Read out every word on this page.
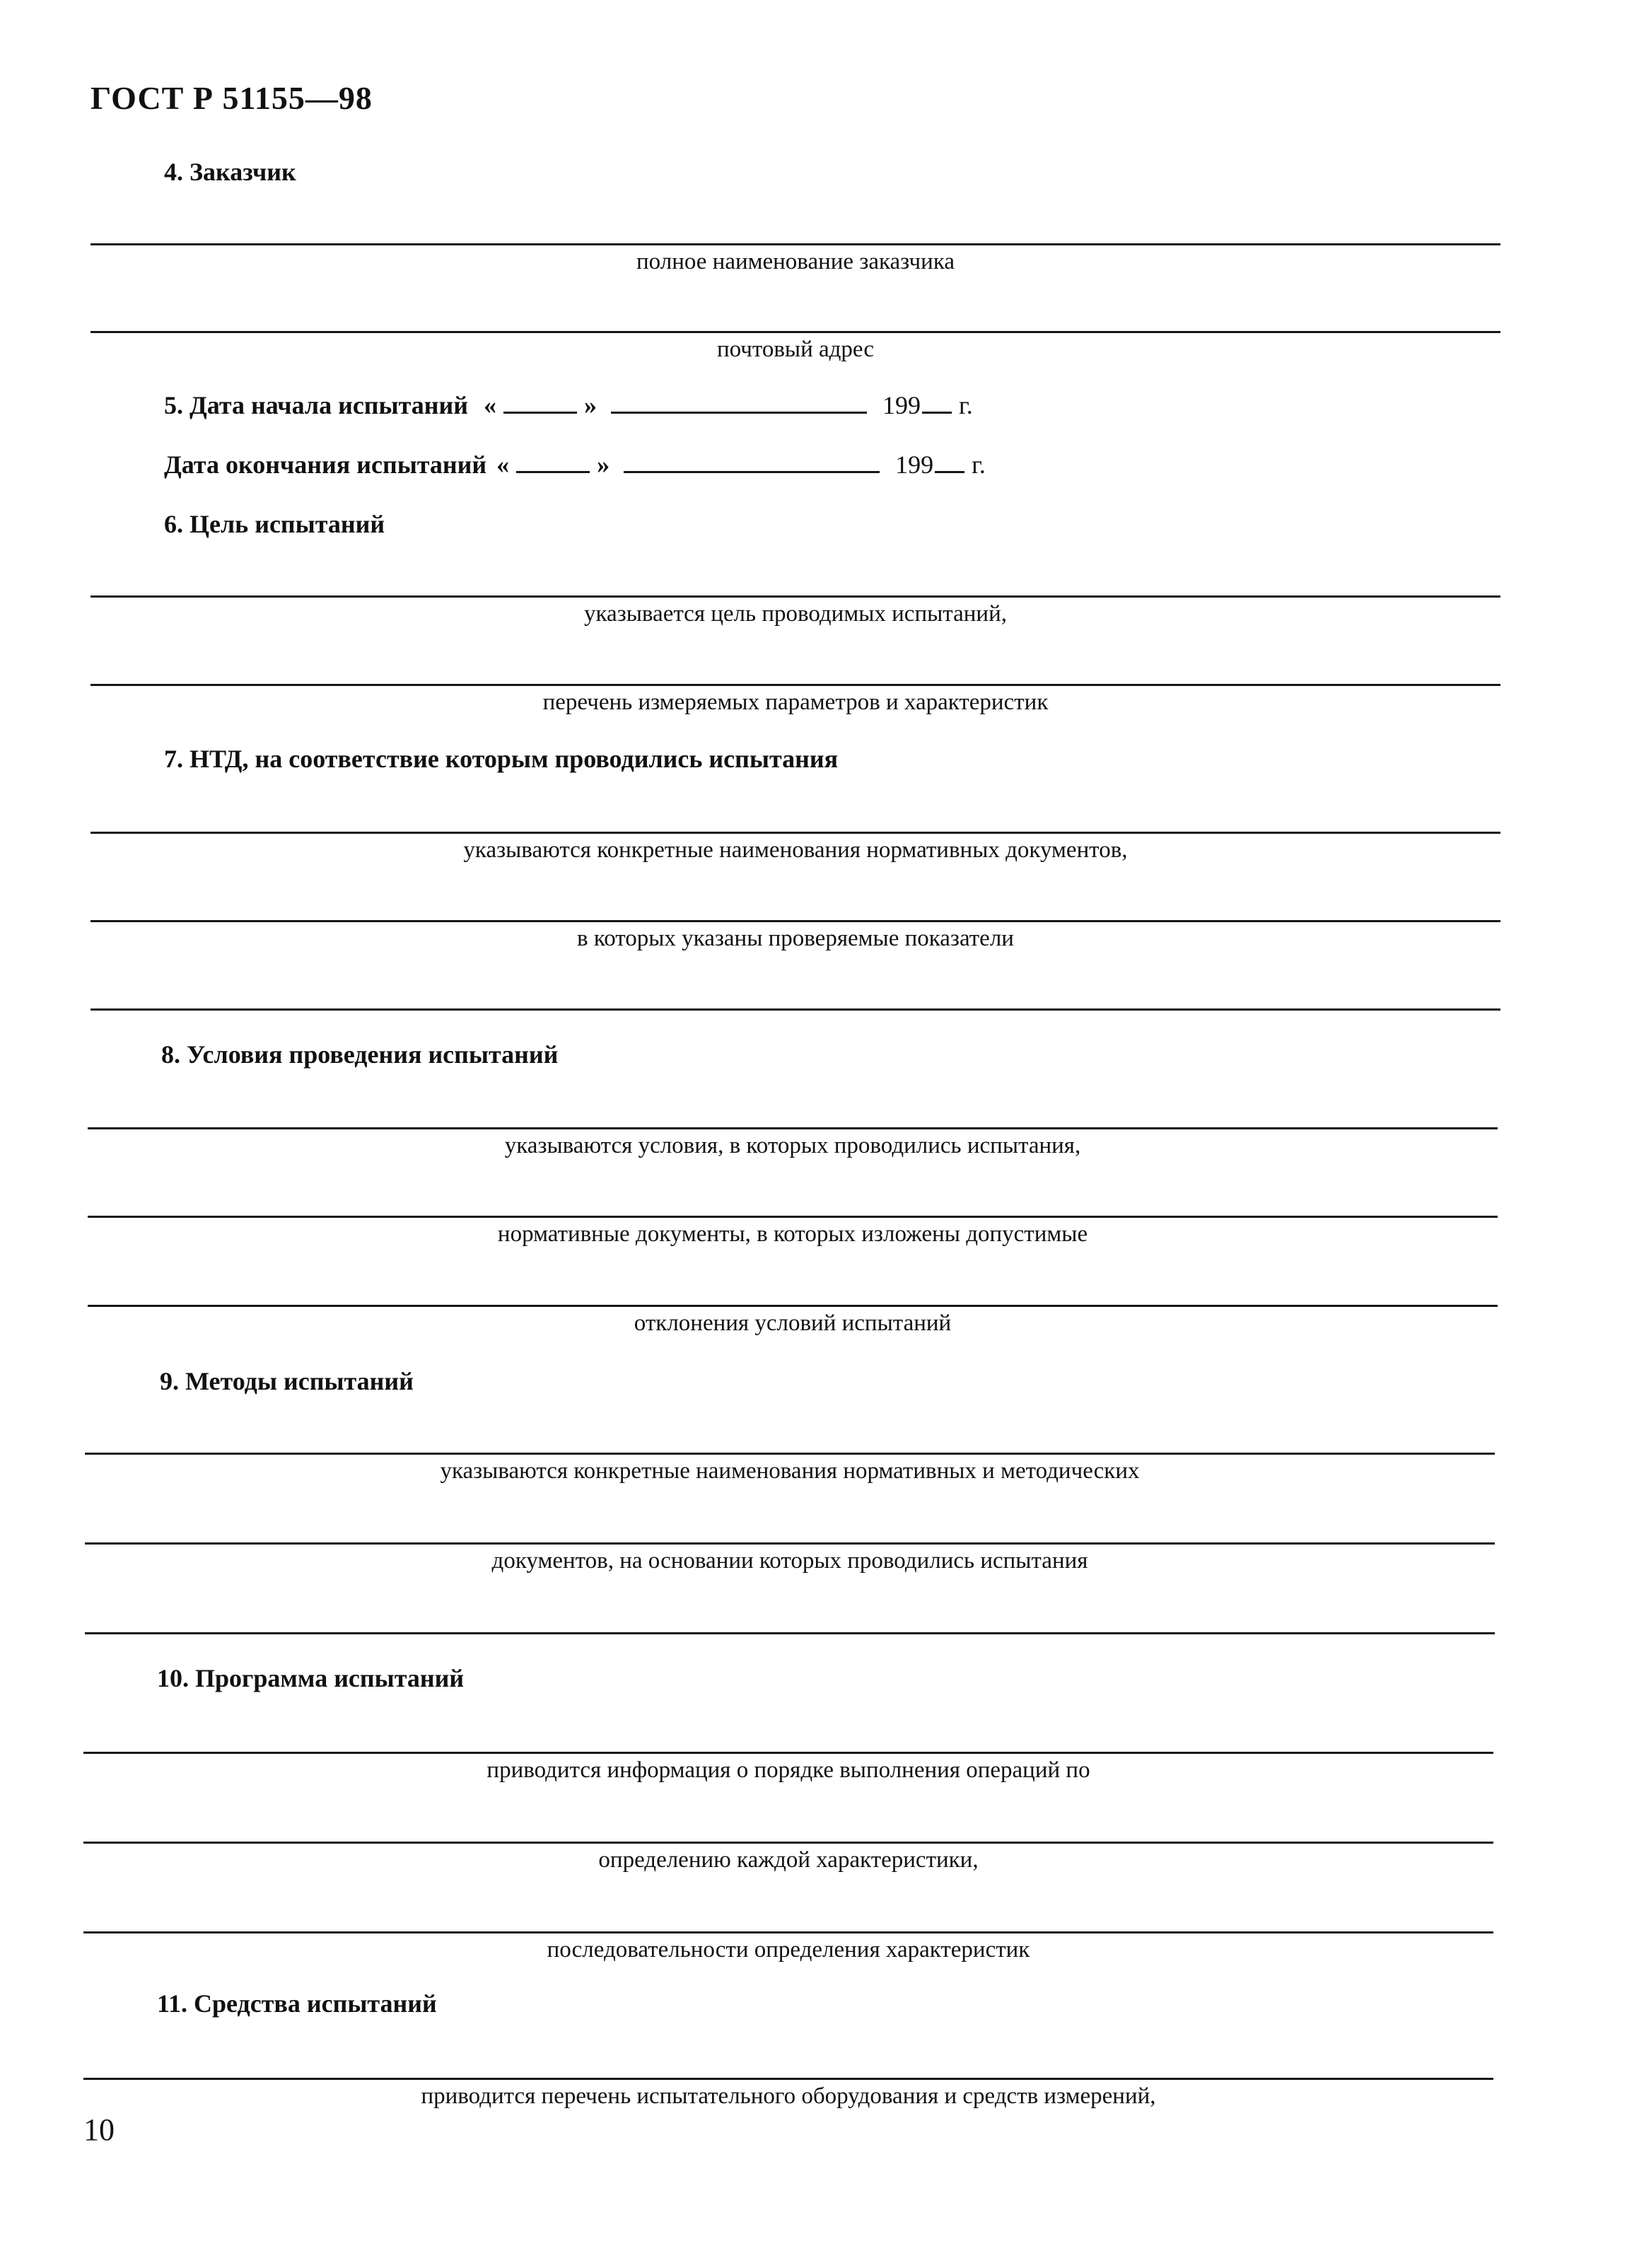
ГОСТ Р 51155—98
4. Заказчик
полное наименование заказчика
почтовый адрес
5. Дата начала испытаний «	»	199 г.
Дата окончания испытаний «	»	199 г.
6. Цель испытаний
указывается цель проводимых испытаний,
перечень измеряемых параметров и характеристик
7. НТД, на соответствие которым проводились испытания
указываются конкретные наименования нормативных документов,
в которых указаны проверяемые показатели
8. Условия проведения испытаний
указываются условия, в которых проводились испытания,
нормативные документы, в которых изложены допустимые
отклонения условий испытаний
9. Методы испытаний
указываются конкретные наименования нормативных и методических
документов, на основании которых проводились испытания
10. Программа испытаний
приводится информация о порядке выполнения операций по
определению каждой характеристики,
последовательности определения характеристик
11. Средства испытаний
приводится перечень испытательного оборудования и средств измерений,
10
